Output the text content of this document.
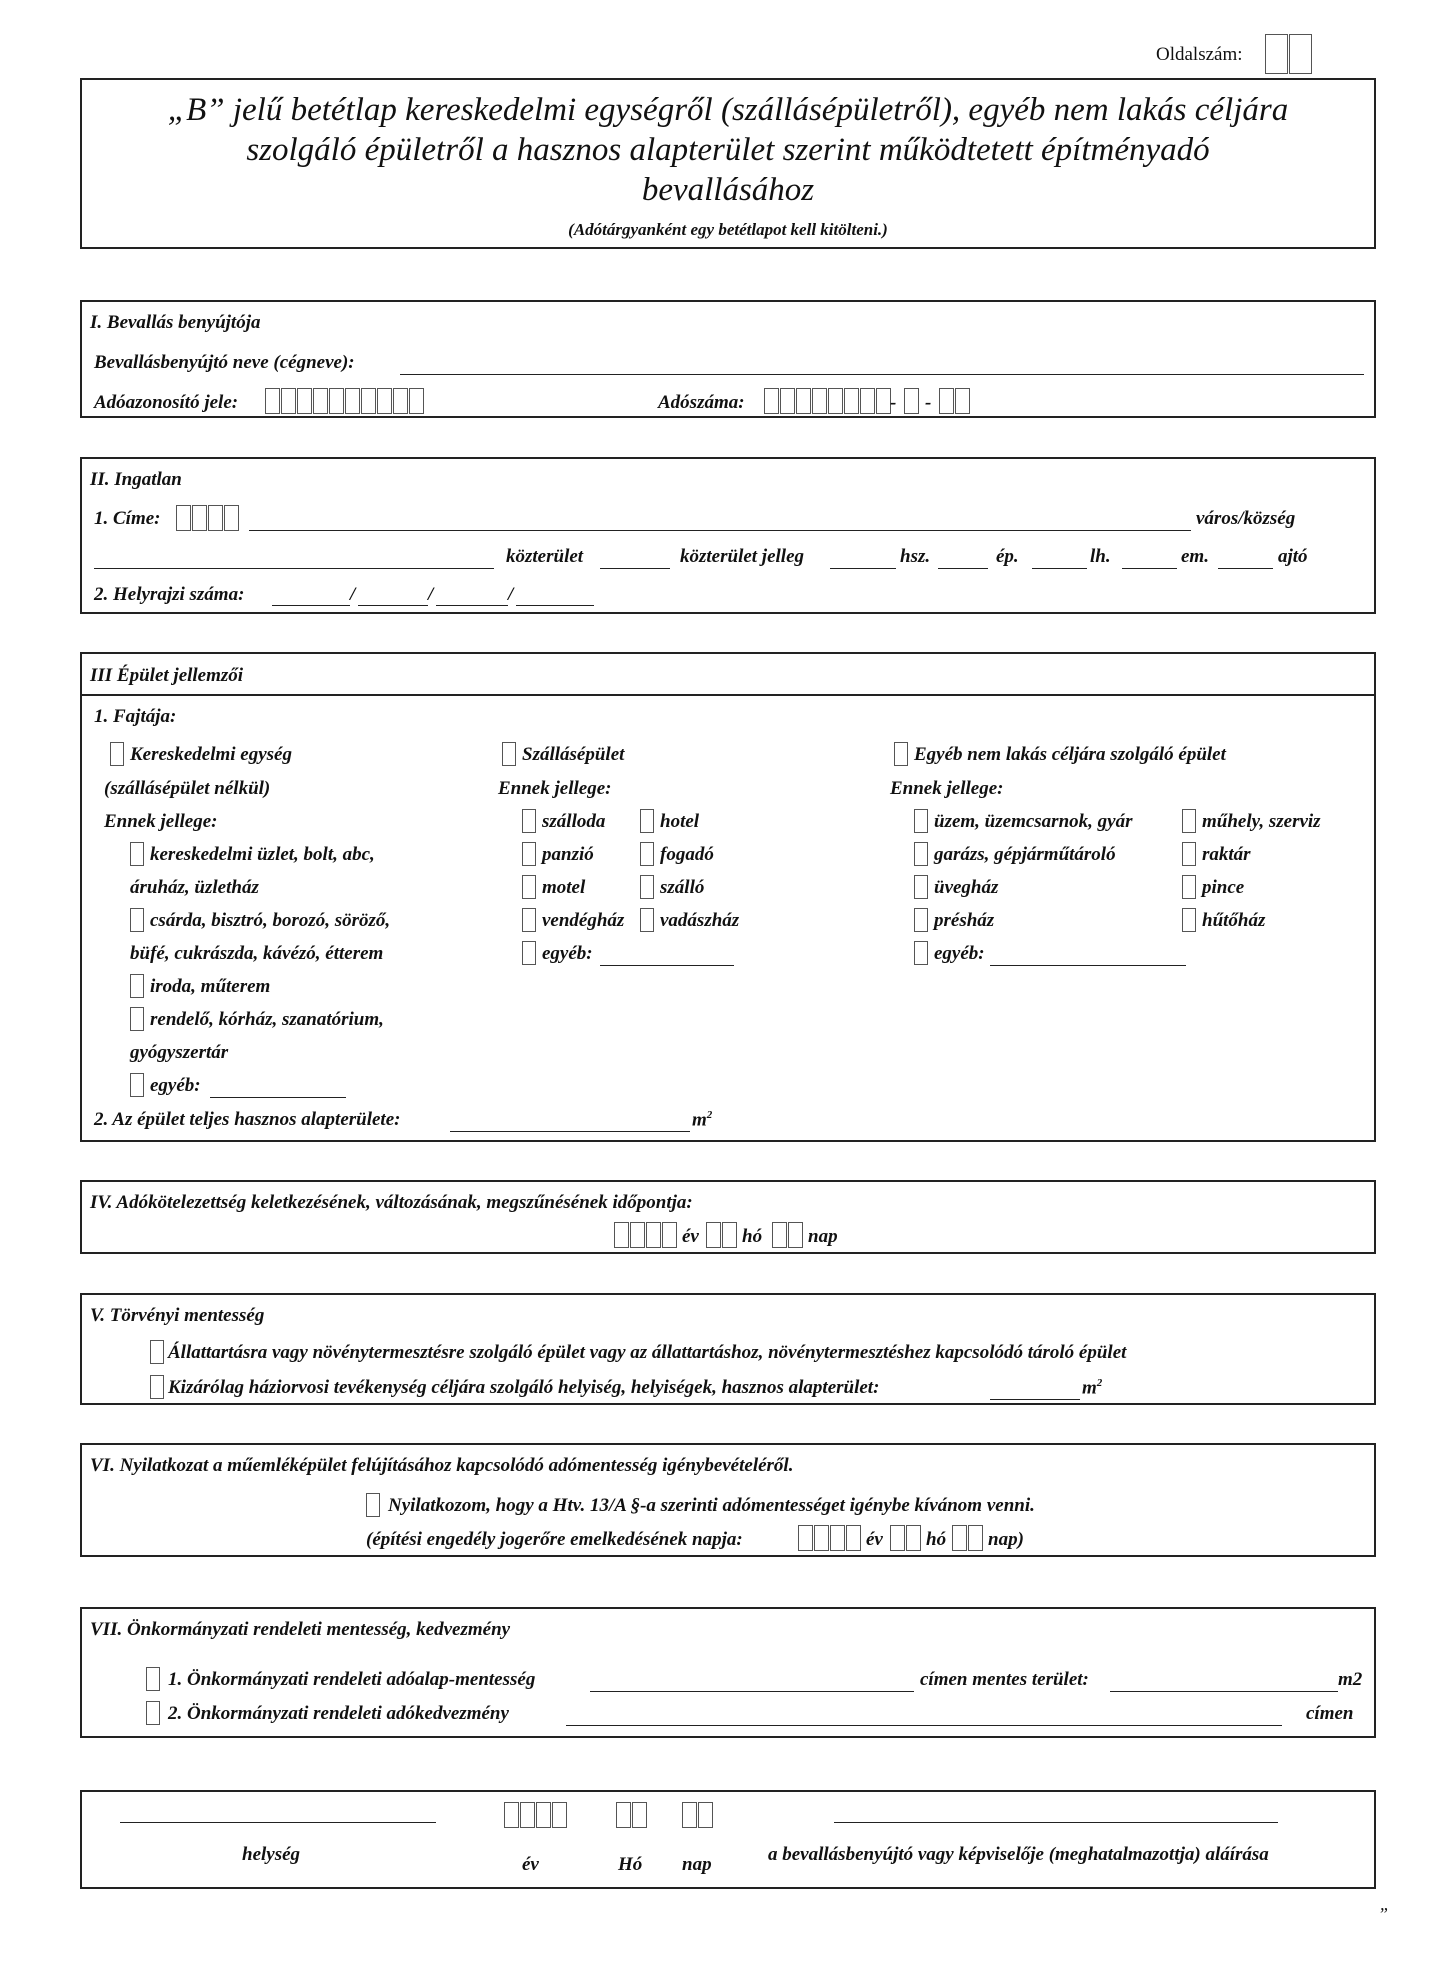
Oldalszám:
„B” jelű betétlap kereskedelmi egységről (szállásépületről), egyéb nem lakás céljára
szolgáló épületről a hasznos alapterület szerint működtetett építményadó
bevallásához
(Adótárgyanként egy betétlapot kell kitölteni.)
I. Bevallás benyújtója
Bevallásbenyújtó neve (cégneve):
Adóazonosító jele:	Adószáma:	- -
II. Ingatlan
1. Címe:	város/község
közterület	közterület jelleg	hsz.	ép.	lh.	em.	ajtó
2. Helyrajzi száma:	/	/	/
III Épület jellemzői
1. Fajtája:
Kereskedelmi egység
(szállásépület nélkül)
Ennek jellege:
kereskedelmi üzlet, bolt, abc,
áruház, üzletház
csárda, bisztró, borozó, söröző,
büfé, cukrászda, kávézó, étterem
iroda, műterem
rendelő, kórház, szanatórium,
gyógyszertár
egyéb:
Szállásépület
Ennek jellege:
szálloda	hotel
panzió	fogadó
motel	szálló
vendégház vadászház
egyéb:
Egyéb nem lakás céljára szolgáló épület
Ennek jellege:
üzem, üzemcsarnok, gyár	műhely, szerviz
garázs, gépjárműtároló	raktár
üvegház	pince
présház	hűtőház
egyéb:
2. Az épület teljes hasznos alapterülete:	$m^2$
IV. Adókötelezettség keletkezésének, változásának, megszűnésének időpontja:
év hó nap
V. Törvényi mentesség
Állattartásra vagy növénytermesztésre szolgáló épület vagy az állattartáshoz, növénytermesztéshez kapcsolódó tároló épület
Kizárólag háziorvosi tevékenység céljára szolgáló helyiség, helyiségek, hasznos alapterület:	$m^2$
VI. Nyilatkozat a műemléképület felújításához kapcsolódó adómentesség igénybevételéről.
Nyilatkozom, hogy a Htv. 13/A §-a szerinti adómentességet igénybe kívánom venni.
(építési engedély jogerőre emelkedésének napja:	év hó nap)
VII. Önkormányzati rendeleti mentesség, kedvezmény
1. Önkormányzati rendeleti adóalap-mentesség	címen mentes terület:	m2
2. Önkormányzati rendeleti adókedvezmény	címen
helység	év	Hó nap	a bevallásbenyújtó vagy képviselője (meghatalmazottja) aláírása
”
